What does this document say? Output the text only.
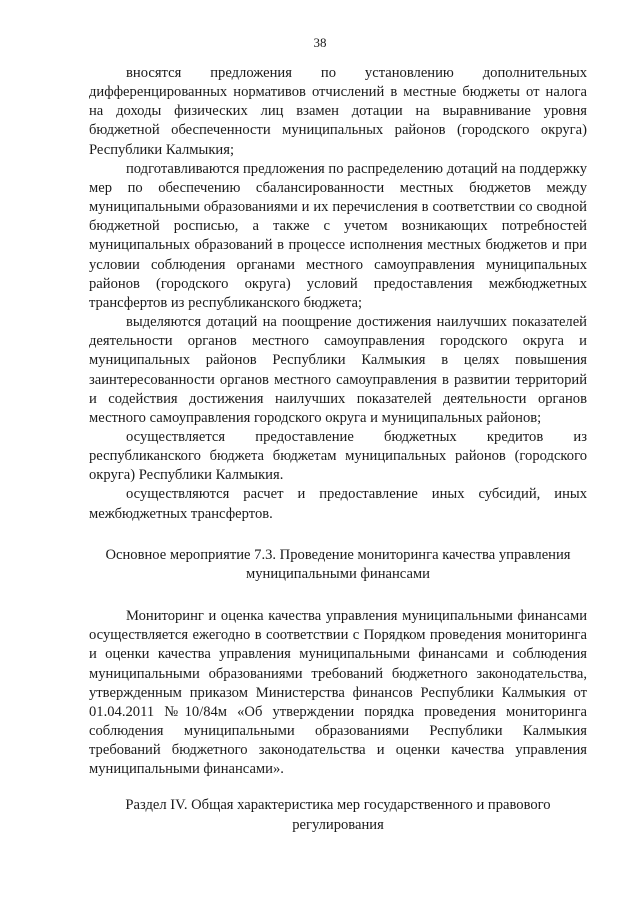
38

вносятся предложения по установлению дополнительных дифференцированных нормативов отчислений в местные бюджеты от налога на доходы физических лиц взамен дотации на выравнивание уровня бюджетной обеспеченности муниципальных районов (городского округа) Республики Калмыкия;

подготавливаются предложения по распределению дотаций на поддержку мер по обеспечению сбалансированности местных бюджетов между муниципальными образованиями и их перечисления в соответствии со сводной бюджетной росписью, а также с учетом возникающих потребностей муниципальных образований в процессе исполнения местных бюджетов и при условии соблюдения органами местного самоуправления муниципальных районов (городского округа) условий предоставления межбюджетных трансфертов из республиканского бюджета;

выделяются дотаций на поощрение достижения наилучших показателей деятельности органов местного самоуправления городского округа и муниципальных районов Республики Калмыкия в целях повышения заинтересованности органов местного самоуправления в развитии территорий и содействия достижения наилучших показателей деятельности органов местного самоуправления городского округа и муниципальных районов;

осуществляется предоставление бюджетных кредитов из республиканского бюджета бюджетам муниципальных районов (городского округа) Республики Калмыкия.

осуществляются расчет и предоставление иных субсидий, иных межбюджетных трансфертов.

Основное мероприятие 7.3. Проведение мониторинга качества управления муниципальными финансами

Мониторинг и оценка качества управления муниципальными финансами осуществляется ежегодно в соответствии с Порядком проведения мониторинга и оценки качества управления муниципальными финансами и соблюдения муниципальными образованиями требований бюджетного законодательства, утвержденным приказом Министерства финансов Республики Калмыкия от 01.04.2011 №10/84м «Об утверждении порядка проведения мониторинга соблюдения муниципальными образованиями Республики Калмыкия требований бюджетного законодательства и оценки качества управления муниципальными финансами».

Раздел IV. Общая характеристика мер государственного и правового регулирования
